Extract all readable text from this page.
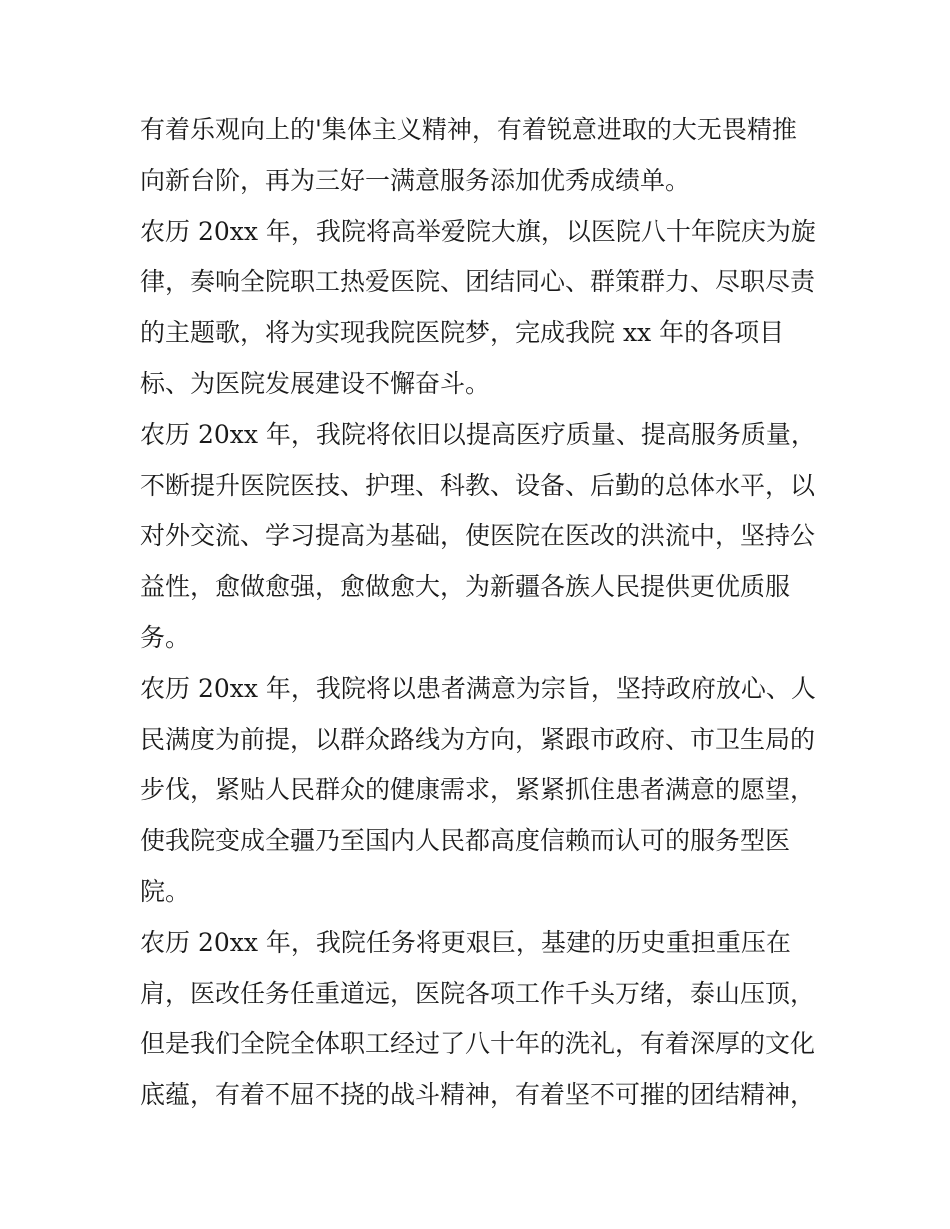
有着乐观向上的'集体主义精神，有着锐意进取的大无畏精推
向新台阶，再为三好一满意服务添加优秀成绩单。
农历 20xx 年，我院将高举爱院大旗，以医院八十年院庆为旋
律，奏响全院职工热爱医院、团结同心、群策群力、尽职尽责
的主题歌，将为实现我院医院梦，完成我院 xx 年的各项目
标、为医院发展建设不懈奋斗。
农历 20xx 年，我院将依旧以提高医疗质量、提高服务质量，
不断提升医院医技、护理、科教、设备、后勤的总体水平，以
对外交流、学习提高为基础，使医院在医改的洪流中，坚持公
益性，愈做愈强，愈做愈大，为新疆各族人民提供更优质服
务。
农历 20xx 年，我院将以患者满意为宗旨，坚持政府放心、人
民满度为前提，以群众路线为方向，紧跟市政府、市卫生局的
步伐，紧贴人民群众的健康需求，紧紧抓住患者满意的愿望，
使我院变成全疆乃至国内人民都高度信赖而认可的服务型医
院。
农历 20xx 年，我院任务将更艰巨，基建的历史重担重压在
肩，医改任务任重道远，医院各项工作千头万绪，泰山压顶，
但是我们全院全体职工经过了八十年的洗礼，有着深厚的文化
底蕴，有着不屈不挠的战斗精神，有着坚不可摧的团结精神，
